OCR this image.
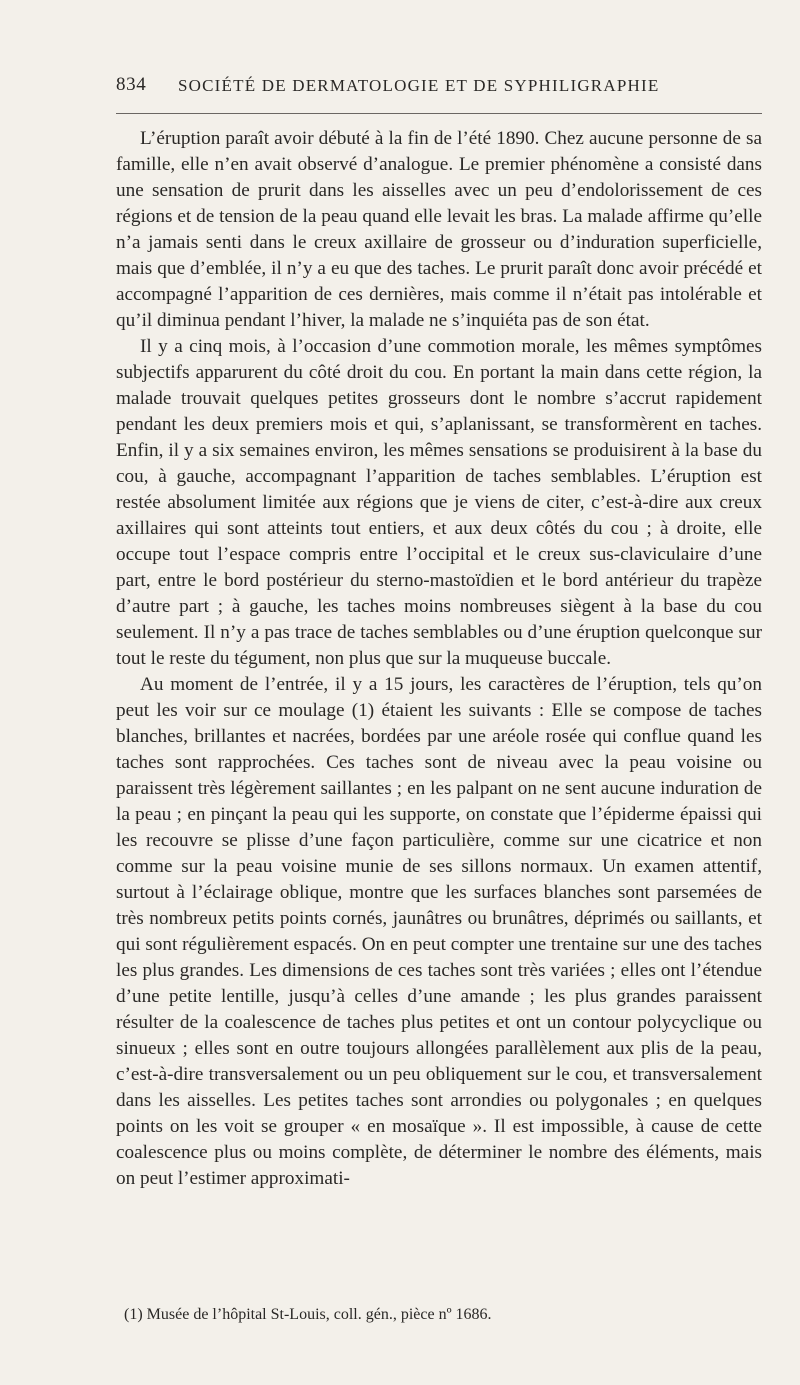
834 SOCIÉTÉ DE DERMATOLOGIE ET DE SYPHILIGRAPHIE

L’éruption paraît avoir débuté à la fin de l’été 1890. Chez aucune personne de sa famille, elle n’en avait observé d’analogue. Le premier phénomène a consisté dans une sensation de prurit dans les aisselles avec un peu d’endolorissement de ces régions et de tension de la peau quand elle levait les bras. La malade affirme qu’elle n’a jamais senti dans le creux axillaire de grosseur ou d’induration superficielle, mais que d’emblée, il n’y a eu que des taches. Le prurit paraît donc avoir précédé et accompagné l’apparition de ces dernières, mais comme il n’était pas intolérable et qu’il diminua pendant l’hiver, la malade ne s’inquiéta pas de son état.

Il y a cinq mois, à l’occasion d’une commotion morale, les mêmes symptômes subjectifs apparurent du côté droit du cou. En portant la main dans cette région, la malade trouvait quelques petites grosseurs dont le nombre s’accrut rapidement pendant les deux premiers mois et qui, s’aplanissant, se transformèrent en taches. Enfin, il y a six semaines environ, les mêmes sensations se produisirent à la base du cou, à gauche, accompagnant l’apparition de taches semblables. L’éruption est restée absolument limitée aux régions que je viens de citer, c’est-à-dire aux creux axillaires qui sont atteints tout entiers, et aux deux côtés du cou ; à droite, elle occupe tout l’espace compris entre l’occipital et le creux sus-claviculaire d’une part, entre le bord postérieur du sterno-mastoïdien et le bord antérieur du trapèze d’autre part ; à gauche, les taches moins nombreuses siègent à la base du cou seulement. Il n’y a pas trace de taches semblables ou d’une éruption quelconque sur tout le reste du tégument, non plus que sur la muqueuse buccale.

Au moment de l’entrée, il y a 15 jours, les caractères de l’éruption, tels qu’on peut les voir sur ce moulage (1) étaient les suivants : Elle se compose de taches blanches, brillantes et nacrées, bordées par une aréole rosée qui conflue quand les taches sont rapprochées. Ces taches sont de niveau avec la peau voisine ou paraissent très légèrement saillantes ; en les palpant on ne sent aucune induration de la peau ; en pinçant la peau qui les supporte, on constate que l’épiderme épaissi qui les recouvre se plisse d’une façon particulière, comme sur une cicatrice et non comme sur la peau voisine munie de ses sillons normaux. Un examen attentif, surtout à l’éclairage oblique, montre que les surfaces blanches sont parsemées de très nombreux petits points cornés, jaunâtres ou brunâtres, déprimés ou saillants, et qui sont régulièrement espacés. On en peut compter une trentaine sur une des taches les plus grandes. Les dimensions de ces taches sont très variées ; elles ont l’étendue d’une petite lentille, jusqu’à celles d’une amande ; les plus grandes paraissent résulter de la coalescence de taches plus petites et ont un contour polycyclique ou sinueux ; elles sont en outre toujours allongées parallèlement aux plis de la peau, c’est-à-dire transversalement ou un peu obliquement sur le cou, et transversalement dans les aisselles. Les petites taches sont arrondies ou polygonales ; en quelques points on les voit se grouper « en mosaïque ». Il est impossible, à cause de cette coalescence plus ou moins complète, de déterminer le nombre des éléments, mais on peut l’estimer approximati-

(1) Musée de l’hôpital St-Louis, coll. gén., pièce nº 1686.
